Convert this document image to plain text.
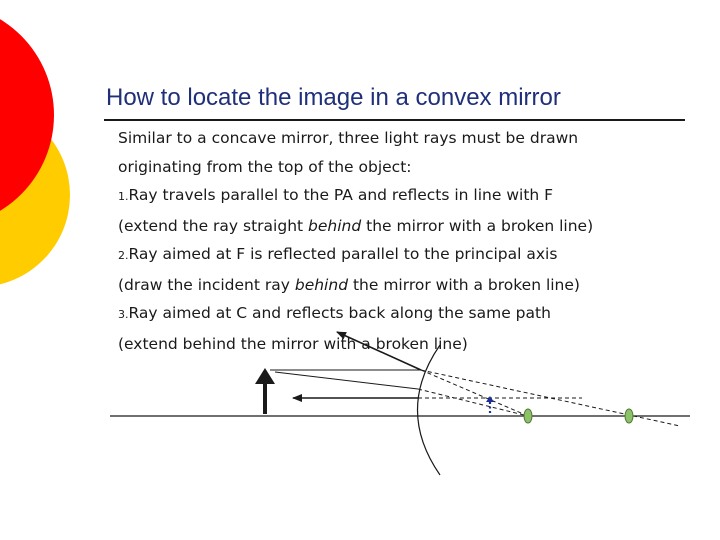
How to locate the image in a convex mirror
Similar to a concave mirror, three light rays must be drawn
originating from the top of the object:
1.Ray travels parallel to the PA and reflects in line with F
(extend the ray straight behind the mirror with a broken line)
2.Ray aimed at F is reflected parallel to the principal axis
(draw the incident ray behind the mirror with a broken line)
3.Ray aimed at C and reflects back along the same path
(extend behind the mirror with a broken line)
